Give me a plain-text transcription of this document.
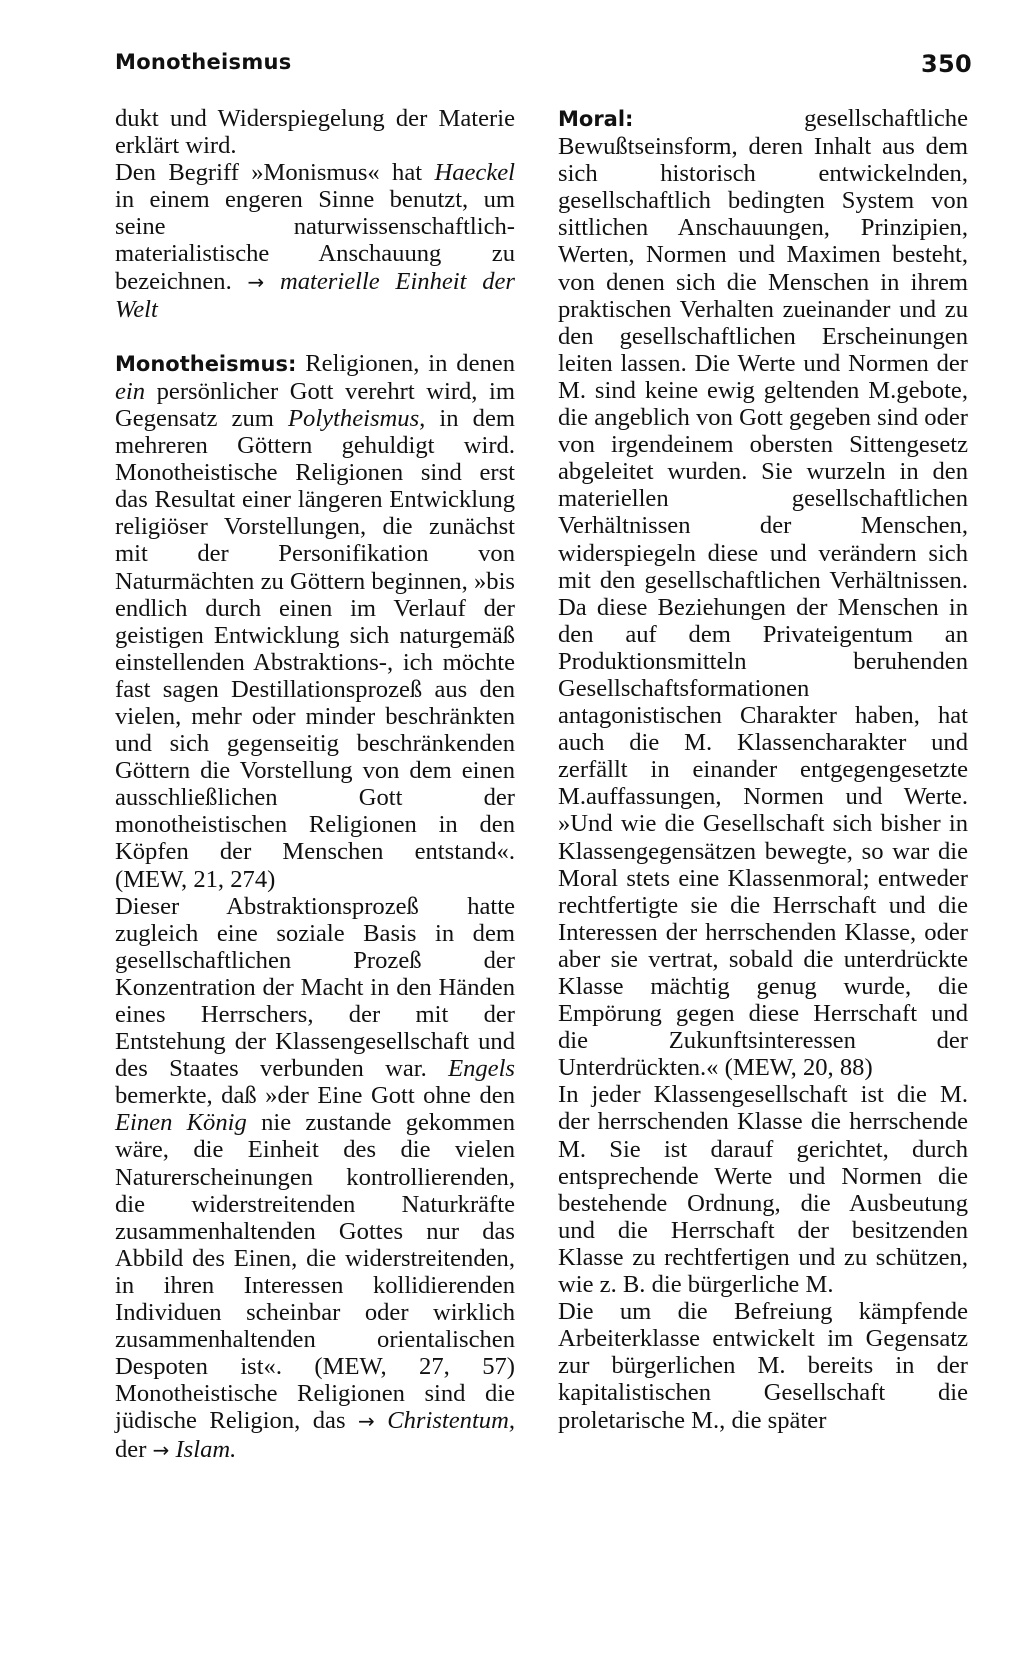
Monotheismus	350

dukt und Widerspiegelung der Materie erklärt wird.

Den Begriff »Monismus« hat Haeckel in einem engeren Sinne benutzt, um seine naturwissenschaftlich-materialistische Anschauung zu bezeichnen. → materielle Einheit der Welt

Monotheismus: Religionen, in denen ein persönlicher Gott verehrt wird, im Gegensatz zum Polytheismus, in dem mehreren Göttern gehuldigt wird. Monotheistische Religionen sind erst das Resultat einer längeren Entwicklung religiöser Vorstellungen, die zunächst mit der Personifikation von Naturmächten zu Göttern beginnen, »bis endlich durch einen im Verlauf der geistigen Entwicklung sich naturgemäß einstellenden Abstraktions-, ich möchte fast sagen Destillationsprozeß aus den vielen, mehr oder minder beschränkten und sich gegenseitig beschränkenden Göttern die Vorstellung von dem einen ausschließlichen Gott der monotheistischen Religionen in den Köpfen der Menschen entstand«. (MEW, 21, 274)

Dieser Abstraktionsprozeß hatte zugleich eine soziale Basis in dem gesellschaftlichen Prozeß der Konzentration der Macht in den Händen eines Herrschers, der mit der Entstehung der Klassengesellschaft und des Staates verbunden war. Engels bemerkte, daß »der Eine Gott ohne den Einen König nie zustande gekommen wäre, die Einheit des die vielen Naturerscheinungen kontrollierenden, die widerstreitenden Naturkräfte zusammenhaltenden Gottes nur das Abbild des Einen, die widerstreitenden, in ihren Interessen kollidierenden Individuen scheinbar oder wirklich zusammenhaltenden orientalischen Despoten ist«. (MEW, 27, 57) Monotheistische Religionen sind die jüdische Religion, das → Christentum, der → Islam.

Moral: gesellschaftliche Bewußtseinsform, deren Inhalt aus dem sich historisch entwickelnden, gesellschaftlich bedingten System von sittlichen Anschauungen, Prinzipien, Werten, Normen und Maximen besteht, von denen sich die Menschen in ihrem praktischen Verhalten zueinander und zu den gesellschaftlichen Erscheinungen leiten lassen. Die Werte und Normen der M. sind keine ewig geltenden M.gebote, die angeblich von Gott gegeben sind oder von irgendeinem obersten Sittengesetz abgeleitet wurden. Sie wurzeln in den materiellen gesellschaftlichen Verhältnissen der Menschen, widerspiegeln diese und verändern sich mit den gesellschaftlichen Verhältnissen. Da diese Beziehungen der Menschen in den auf dem Privateigentum an Produktionsmitteln beruhenden Gesellschaftsformationen antagonistischen Charakter haben, hat auch die M. Klassencharakter und zerfällt in einander entgegengesetzte M.auffassungen, Normen und Werte. »Und wie die Gesellschaft sich bisher in Klassengegensätzen bewegte, so war die Moral stets eine Klassenmoral; entweder rechtfertigte sie die Herrschaft und die Interessen der herrschenden Klasse, oder aber sie vertrat, sobald die unterdrückte Klasse mächtig genug wurde, die Empörung gegen diese Herrschaft und die Zukunftsinteressen der Unterdrückten.« (MEW, 20, 88)

In jeder Klassengesellschaft ist die M. der herrschenden Klasse die herrschende M. Sie ist darauf gerichtet, durch entsprechende Werte und Normen die bestehende Ordnung, die Ausbeutung und die Herrschaft der besitzenden Klasse zu rechtfertigen und zu schützen, wie z. B. die bürgerliche M.

Die um die Befreiung kämpfende Arbeiterklasse entwickelt im Gegensatz zur bürgerlichen M. bereits in der kapitalistischen Gesellschaft die proletarische M., die später
